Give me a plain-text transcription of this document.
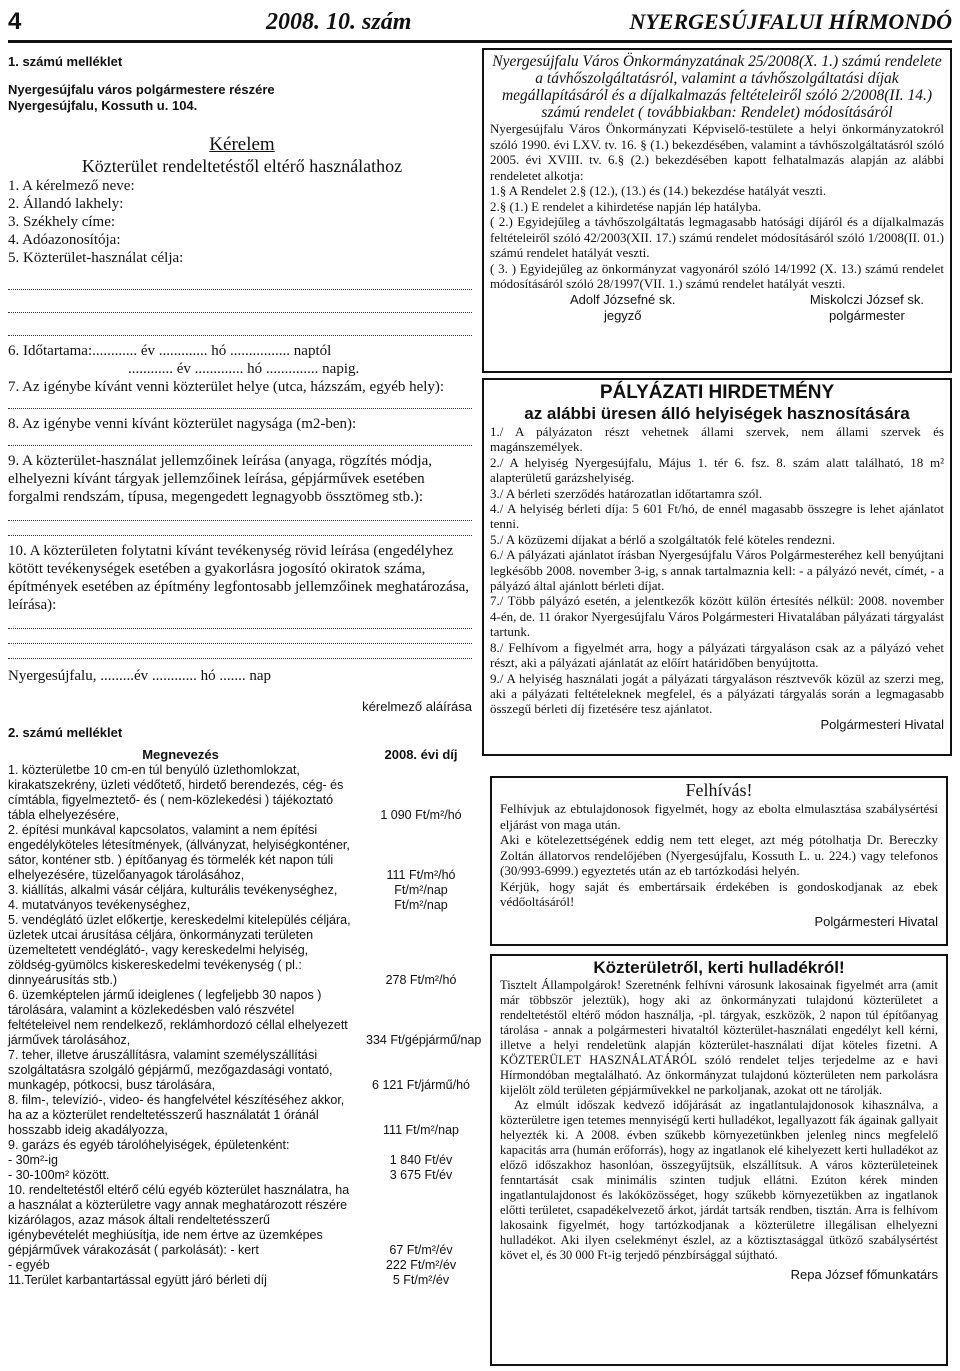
4	2008. 10. szám	NYERGESÚJFALUI HÍRMONDÓ
1. számú melléklet
Nyergesújfalu város polgármestere részére
Nyergesújfalu, Kossuth u. 104.
Kérelem
Közterület rendeltetéstől eltérő használathoz
1. A kérelmező neve:
2. Állandó lakhely:
3. Székhely címe:
4. Adóazonosítója:
5. Közterület-használat célja:
6. Időtartama:............ év ............. hó ................ naptól
............ év ............. hó .............. napig.
7. Az igénybe kívánt venni közterület helye (utca, házszám, egyéb hely):
8. Az igénybe venni kívánt közterület nagysága (m2-ben):
9. A közterület-használat jellemzőinek leírása (anyaga, rögzítés módja, elhelyezni kívánt tárgyak jellemzőinek leírása, gépjárművek esetében forgalmi rendszám, típusa, megengedett legnagyobb össztömeg stb.):
10. A közterületen folytatni kívánt tevékenység rövid leírása (engedélyhez kötött tevékenységek esetében a gyakorlásra jogosító okiratok száma, építmények esetében az építmény legfontosabb jellemzőinek meghatározása, leírása):
Nyergesújfalu, .........év ............ hó ....... nap
kérelmező aláírása
2. számú melléklet
Megnevezés	2008. évi díj
1. közterületbe 10 cm-en túl benyúló üzlethomlokzat, kirakatszekrény, üzleti védőtető, hirdető berendezés, cég- és címtábla, figyelmeztető- és ( nem-közlekedési ) tájékoztató tábla elhelyezésére,	1 090 Ft/m²/hó
2. építési munkával kapcsolatos, valamint a nem építési engedélyköteles létesítmények, (állványzat, helyiségkonténer, sátor, konténer stb. ) építőanyag és törmelék két napon túli elhelyezésére, tüzelőanyagok tárolásához,	111 Ft/m²/hó
3. kiállítás, alkalmi vásár céljára, kulturális tevékenységhez,	Ft/m²/nap
4. mutatványos tevékenységhez,	Ft/m²/nap
5. vendéglátó üzlet előkertje, kereskedelmi kitelepülés céljára, üzletek utcai árusítása céljára, önkormányzati területen üzemeltetett vendéglátó-, vagy kereskedelmi helyiség, zöldség-gyümölcs kiskereskedelmi tevékenység ( pl.: dinnyeárusítás stb.)	278 Ft/m²/hó
6. üzemképtelen jármű ideiglenes ( legfeljebb 30 napos ) tárolására, valamint a közlekedésben való részvétel feltételeivel nem rendelkező, reklámhordozó céllal elhelyezett járművek tárolásához,	334 Ft/gépjármű/nap
7. teher, illetve áruszállításra, valamint személyszállítási szolgáltatásra szolgáló gépjármű, mezőgazdasági vontató, munkagép, pótkocsi, busz tárolására,	6 121 Ft/jármű/hó
8. film-, televízió-, video- és hangfelvétel készítéséhez akkor, ha az a közterület rendeltetésszerű használatát 1 óránál hosszabb ideig akadályozza,	111 Ft/m²/nap
9. garázs és egyéb tárolóhelyiségek, épületenként:
- 30m²-ig	1 840 Ft/év
- 30-100m² között.	3 675 Ft/év
10. rendeltetéstől eltérő célú egyéb közterület használatra, ha a használat a közterületre vagy annak meghatározott részére kizárólagos, azaz mások általi rendeltetésszerű igénybevételét meghiúsítja, ide nem értve az üzemképes gépjárművek várakozását ( parkolását): - kert	67 Ft/m²/év
- egyéb	222 Ft/m²/év
11.Terület karbantartással együtt járó bérleti díj	5 Ft/m²/év
Nyergesújfalu Város Önkormányzatának 25/2008(X. 1.) számú rendelete a távhőszolgáltatásról, valamint a távhőszolgáltatási díjak megállapításáról és a díjalkalmazás feltételeiről szóló 2/2008(II. 14.) számú rendelet ( továbbiakban: Rendelet) módosításáról

Nyergesújfalu Város Önkormányzati Képviselő-testülete a helyi önkormányzatokról szóló 1990. évi LXV. tv. 16. § (1.) bekezdésében, valamint a távhőszolgáltatásról szóló 2005. évi XVIII. tv. 6.§ (2.) bekezdésében kapott felhatalmazás alapján az alábbi rendeletet alkotja:

1.§ A Rendelet 2.§ (12.), (13.) és (14.) bekezdése hatályát veszti.

2.§ (1.) E rendelet a kihirdetése napján lép hatályba.

( 2.) Egyidejűleg a távhőszolgáltatás legmagasabb hatósági díjáról és a díjalkalmazás feltételeiről szóló 42/2003(XII. 17.) számú rendelet módosításáról szóló 1/2008(II. 01.) számú rendelet hatályát veszti.

( 3. ) Egyidejűleg az önkormányzat vagyonáról szóló 14/1992 (X. 13.) számú rendelet módosításáról szóló 28/1997(VII. 1.) számú rendelet hatályát veszti.

Adolf Józsefné sk.
jegyző
Miskolczi József sk.
polgármester
PÁLYÁZATI HIRDETMÉNY
az alábbi üresen álló helyiségek hasznosítására

1./ A pályázaton részt vehetnek állami szervek, nem állami szervek és magánszemélyek.

2./ A helyiség Nyergesújfalu, Május 1. tér 6. fsz. 8. szám alatt található, 18 m² alapterületű garázshelyiség.

3./ A bérleti szerződés határozatlan időtartamra szól.

4./ A helyiség bérleti díja: 5 601 Ft/hó, de ennél magasabb összegre is lehet ajánlatot tenni.

5./ A közüzemi díjakat a bérlő a szolgáltatók felé köteles rendezni.

6./ A pályázati ajánlatot írásban Nyergesújfalu Város Polgármesteréhez kell benyújtani legkésőbb 2008. november 3-ig, s annak tartalmaznia kell: - a pályázó nevét, címét, - a pályázó által ajánlott bérleti díjat.

7./ Több pályázó esetén, a jelentkezők között külön értesítés nélkül: 2008. november 4-én, de. 11 órakor Nyergesújfalu Város Polgármesteri Hivatalában pályázati tárgyalást tartunk.

8./ Felhívom a figyelmét arra, hogy a pályázati tárgyaláson csak az a pályázó vehet részt, aki a pályázati ajánlatát az előírt határidőben benyújtotta.

9./ A helyiség használati jogát a pályázati tárgyaláson résztvevők közül az szerzi meg, aki a pályázati feltételeknek megfelel, és a pályázati tárgyalás során a legmagasabb összegű bérleti díj fizetésére tesz ajánlatot.

Polgármesteri Hivatal
Felhívás!

Felhívjuk az ebtulajdonosok figyelmét, hogy az ebolta elmulasztása szabálysértési eljárást von maga után.

Aki e kötelezettségének eddig nem tett eleget, azt még pótolhatja Dr. Bereczky Zoltán állatorvos rendelőjében (Nyergesújfalu, Kossuth L. u. 224.) vagy telefonos (30/993-6999.) egyeztetés után az eb tartózkodási helyén.

Kérjük, hogy saját és embertársaik érdekében is gondoskodjanak az ebek védőoltásáról!

Polgármesteri Hivatal
Közterületről, kerti hulladékról!

Tisztelt Állampolgárok! Szeretnénk felhívni városunk lakosainak figyelmét arra (amit már többször jeleztük), hogy aki az önkormányzati tulajdonú közterületet a rendeltetéstől eltérő módon használja, -pl. tárgyak, eszközök, 2 napon túl építőanyag tárolása - annak a polgármesteri hivataltól közterület-használati engedélyt kell kérni, illetve a helyi rendeletünk alapján közterület-használati díjat köteles fizetni. A KÖZTERÜLET HASZNÁLATÁRÓL szóló rendelet teljes terjedelme az e havi Hírmondóban megtalálható. Az önkormányzat tulajdonú közterületen nem parkolásra kijelölt zöld területen gépjárművekkel ne parkoljanak, azokat ott ne tárolják.

Az elmúlt időszak kedvező időjárását az ingatlantulajdonosok kihasználva, a közterületre igen tetemes mennyiségű kerti hulladékot, legallyazott fák ágainak gallyait helyezték ki. A 2008. évben szűkebb környezetünkben jelenleg nincs megfelelő kapacitás arra (humán erőforrás), hogy az ingatlanok elé kihelyezett kerti hulladékot az előző időszakhoz hasonlóan, összegyűjtsük, elszállítsuk. A város közterületeinek fenntartását csak minimális szinten tudjuk ellátni. Ezúton kérek minden ingatlantulajdonost és lakóközösséget, hogy szűkebb környezetükben az ingatlanok előtti területet, csapadékelvezető árkot, járdát tartsák rendben, tisztán. Arra is felhívom lakosaink figyelmét, hogy tartózkodjanak a közterületre illegálisan elhelyezni hulladékot. Aki ilyen cselekményt észlel, az a köztisztasággal ütköző szabálysértést követ el, és 30 000 Ft-ig terjedő pénzbírsággal sújtható.

Repa József főmunkatárs
